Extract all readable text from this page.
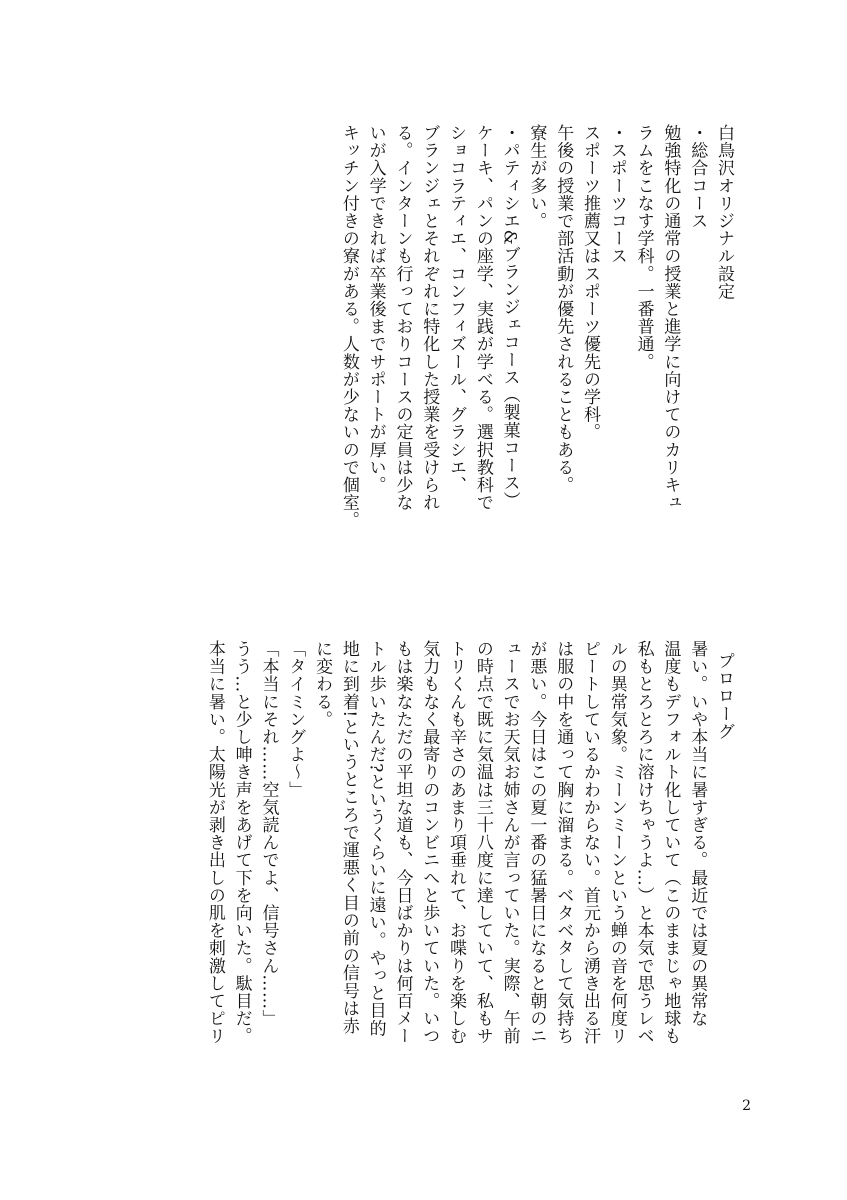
白鳥沢オリジナル設定
・総合コース
勉強特化の通常の授業と進学に向けてのカリキュ
ラムをこなす学科。一番普通。
・スポーツコース
スポーツ推薦又はスポーツ優先の学科。
午後の授業で部活動が優先されることもある。
寮生が多い。
・パティシエ&ブランジェコース（製菓コース）
ケーキ、パンの座学、実践が学べる。選択教科で
ショコラティエ、コンフィズール、グラシエ、
ブランジェとそれぞれに特化した授業を受けられ
る。インターンも行っておりコースの定員は少な
いが入学できれば卒業後までサポートが厚い。
キッチン付きの寮がある。人数が少ないので個室。
プロローグ
暑い。いや本当に暑すぎる。最近では夏の異常な
温度もデフォルト化していて（このままじゃ地球も
私もとろとろに溶けちゃうよ…）と本気で思うレベ
ルの異常気象。ミーンミーンという蝉の音を何度リ
ピートしているかわからない。首元から湧き出る汗
は服の中を通って胸に溜まる。ベタベタして気持ち
が悪い。今日はこの夏一番の猛暑日になると朝のニ
ュースでお天気お姉さんが言っていた。実際、午前
の時点で既に気温は三十八度に達していて、私もサ
トリくんも辛さのあまり項垂れて、お喋りを楽しむ
気力もなく最寄りのコンビニへと歩いていた。いつ
もは楽なただの平坦な道も、今日ばかりは何百メー
トル歩いたんだ?というくらいに遠い。やっと目的
地に到着!というところで運悪く目の前の信号は赤
に変わる。
「タイミングよ〜」
「本当にそれ……空気読んでよ、信号さん……」
うう…と少し呻き声をあげて下を向いた。駄目だ。
本当に暑い。太陽光が剥き出しの肌を刺激してピリ
2
